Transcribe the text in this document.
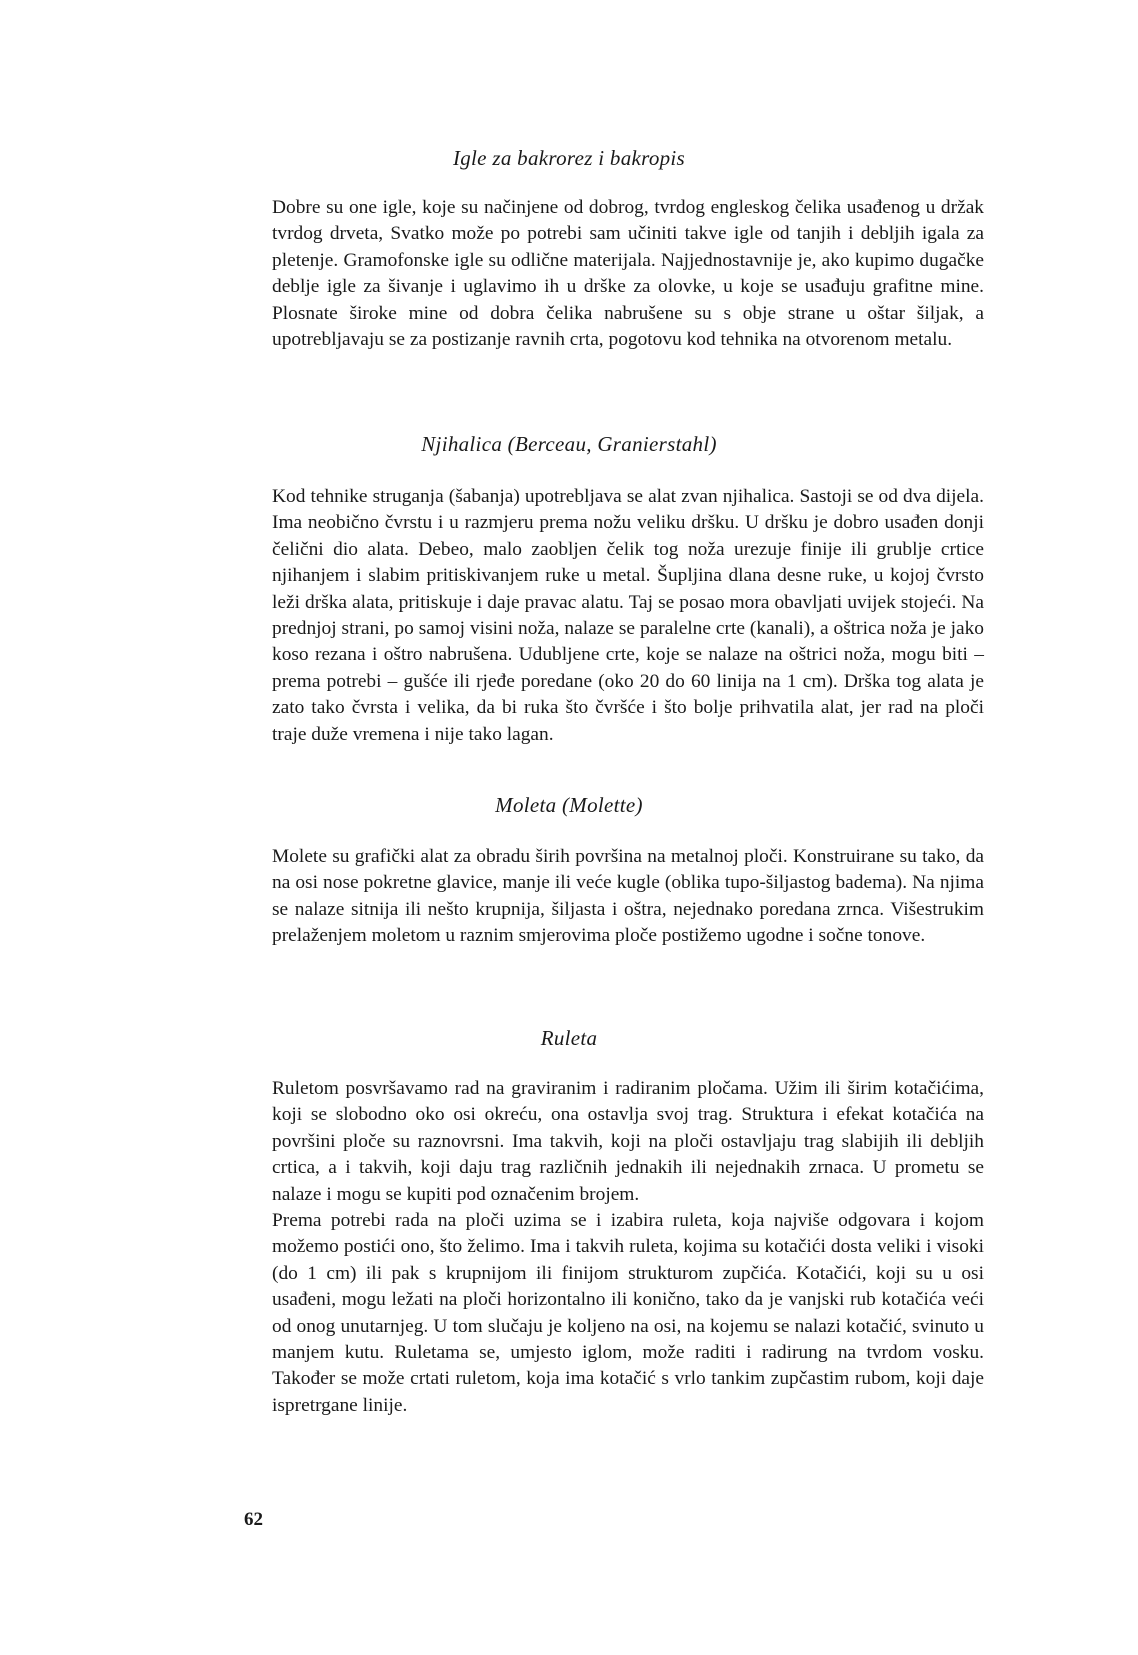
Igle za bakrorez i bakropis

Dobre su one igle, koje su načinjene od dobrog, tvrdog engleskog čelika usađenog u držak tvrdog drveta, Svatko može po potrebi sam učiniti takve igle od tanjih i debljih igala za pletenje. Gramofonske igle su odlične materijala. Najjednostavnije je, ako kupimo dugačke deblje igle za šivanje i uglavimo ih u drške za olovke, u koje se usađuju grafitne mine. Plosnate široke mine od dobra čelika nabrušene su s obje strane u oštar šiljak, a upotrebljavaju se za postizanje ravnih crta, pogotovu kod tehnika na otvorenom metalu.

Njihalica (Berceau, Granierstahl)

Kod tehnike struganja (šabanja) upotrebljava se alat zvan njihalica. Sastoji se od dva dijela. Ima neobično čvrstu i u razmjeru prema nožu veliku dršku. U dršku je dobro usađen donji čelični dio alata. Debeo, malo zaobljen čelik tog noža urezuje finije ili grublje crtice njihanjem i slabim pritiskivanjem ruke u metal. Šupljina dlana desne ruke, u kojoj čvrsto leži drška alata, pritiskuje i daje pravac alatu. Taj se posao mora obavljati uvijek stojeći. Na prednjoj strani, po samoj visini noža, nalaze se paralelne crte (kanali), a oštrica noža je jako koso rezana i oštro nabrušena. Udubljene crte, koje se nalaze na oštrici noža, mogu biti – prema potrebi – gušće ili rjeđe poredane (oko 20 do 60 linija na 1 cm). Drška tog alata je zato tako čvrsta i velika, da bi ruka što čvršće i što bolje prihvatila alat, jer rad na ploči traje duže vremena i nije tako lagan.

Moleta (Molette)

Molete su grafički alat za obradu širih površina na metalnoj ploči. Konstruirane su tako, da na osi nose pokretne glavice, manje ili veće kugle (oblika tupo-šiljastog badema). Na njima se nalaze sitnija ili nešto krupnija, šiljasta i oštra, nejednako poredana zrnca. Višestrukim prelaženjem moletom u raznim smjerovima ploče postižemo ugodne i sočne tonove.

Ruleta

Ruletom posvršavamo rad na graviranim i radiranim pločama. Užim ili širim kotačićima, koji se slobodno oko osi okreću, ona ostavlja svoj trag. Struktura i efekat kotačića na površini ploče su raznovrsni. Ima takvih, koji na ploči ostavljaju trag slabijih ili debljih crtica, a i takvih, koji daju trag različnih jednakih ili nejednakih zrnaca. U prometu se nalaze i mogu se kupiti pod označenim brojem.

Prema potrebi rada na ploči uzima se i izabira ruleta, koja najviše odgovara i kojom možemo postići ono, što želimo. Ima i takvih ruleta, kojima su kotačići dosta veliki i visoki (do 1 cm) ili pak s krupnijom ili finijom strukturom zupčića. Kotačići, koji su u osi usađeni, mogu ležati na ploči horizontalno ili konično, tako da je vanjski rub kotačića veći od onog unutarnjeg. U tom slučaju je koljeno na osi, na kojemu se nalazi kotačić, svinuto u manjem kutu. Ruletama se, umjesto iglom, može raditi i radirung na tvrdom vosku. Također se može crtati ruletom, koja ima kotačić s vrlo tankim zupčastim rubom, koji daje ispretrgane linije.

62
